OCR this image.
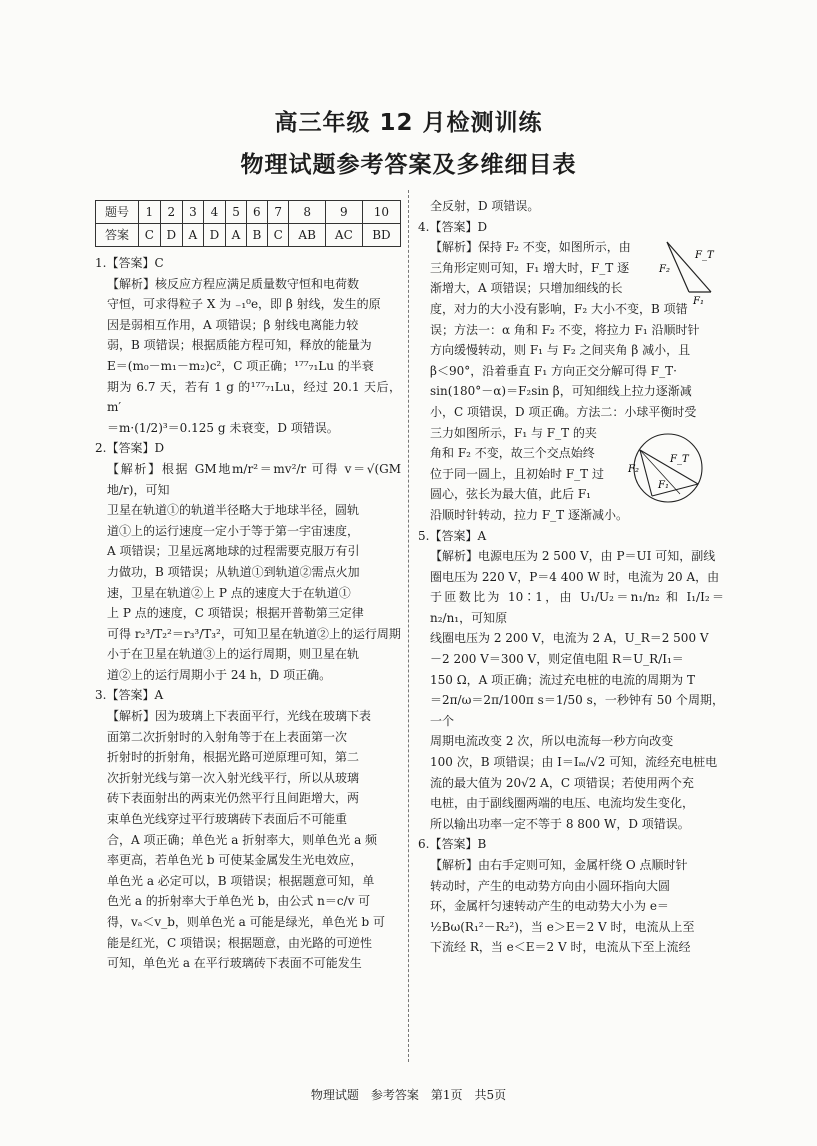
高三年级 12 月检测训练
物理试题参考答案及多维细目表
题号	1	2	3	4	5	6	7	8	9	10
答案	C	D	A	D	A	B	C	AB	AC	BD
1.【答案】C
【解析】核反应方程应满足质量数守恒和电荷数
守恒，可求得粒子 X 为 ₋₁⁰e，即 β 射线，发生的原
因是弱相互作用，A 项错误；β 射线电离能力较
弱，B 项错误；根据质能方程可知，释放的能量为
E＝(m₀－m₁－m₂)c²，C 项正确；¹⁷⁷₇₁Lu 的半衰
期为 6.7 天，若有 1 g 的¹⁷⁷₇₁Lu，经过 20.1 天后，m′
＝m·(1/2)³＝0.125 g 未衰变，D 项错误。
2.【答案】D
【解析】根据 GM地m/r²＝mv²/r 可得 v＝√(GM地/r)，可知
卫星在轨道①的轨道半径略大于地球半径，圆轨
道①上的运行速度一定小于等于第一宇宙速度，
A 项错误；卫星远离地球的过程需要克服万有引
力做功，B 项错误；从轨道①到轨道②需点火加
速，卫星在轨道②上 P 点的速度大于在轨道①
上 P 点的速度，C 项错误；根据开普勒第三定律
可得 r₂³/T₂²＝r₃³/T₃²，可知卫星在轨道②上的运行周期
小于在卫星在轨道③上的运行周期，则卫星在轨
道②上的运行周期小于 24 h，D 项正确。
3.【答案】A
【解析】因为玻璃上下表面平行，光线在玻璃下表
面第二次折射时的入射角等于在上表面第一次
折射时的折射角，根据光路可逆原理可知，第二
次折射光线与第一次入射光线平行，所以从玻璃
砖下表面射出的两束光仍然平行且间距增大，两
束单色光线穿过平行玻璃砖下表面后不可能重
合，A 项正确；单色光 a 折射率大，则单色光 a 频
率更高，若单色光 b 可使某金属发生光电效应，
单色光 a 必定可以，B 项错误；根据题意可知，单
色光 a 的折射率大于单色光 b，由公式 n＝c/v 可
得，vₐ＜v_b，则单色光 a 可能是绿光，单色光 b 可
能是红光，C 项错误；根据题意，由光路的可逆性
可知，单色光 a 在平行玻璃砖下表面不可能发生
全反射，D 项错误。
4.【答案】D
【解析】保持 F₂ 不变，如图所示，由
三角形定则可知，F₁ 增大时，F_T 逐
渐增大，A 项错误；只增加细线的长
度，对力的大小没有影响，F₂ 大小不变，B 项错
误；方法一：α 角和 F₂ 不变，将拉力 F₁ 沿顺时针
方向缓慢转动，则 F₁ 与 F₂ 之间夹角 β 减小，且
β＜90°，沿着垂直 F₁ 方向正交分解可得 F_T·
sin(180°－α)＝F₂sin β，可知细线上拉力逐渐减
小，C 项错误，D 项正确。方法二：小球平衡时受
三力如图所示，F₁ 与 F_T 的夹
角和 F₂ 不变，故三个交点始终
位于同一圆上，且初始时 F_T 过
圆心，弦长为最大值，此后 F₁
沿顺时针转动，拉力 F_T 逐渐减小。
5.【答案】A
【解析】电源电压为 2 500 V，由 P＝UI 可知，副线
圈电压为 220 V，P＝4 400 W 时，电流为 20 A，由
于匝数比为 10∶1，由 U₁/U₂＝n₁/n₂ 和 I₁/I₂＝n₂/n₁，可知原
线圈电压为 2 200 V，电流为 2 A，U_R＝2 500 V
－2 200 V＝300 V，则定值电阻 R＝U_R/I₁＝
150 Ω，A 项正确；流过充电桩的电流的周期为 T
＝2π/ω＝2π/100π s＝1/50 s，一秒钟有 50 个周期，一个
周期电流改变 2 次，所以电流每一秒方向改变
100 次，B 项错误；由 I＝Iₘ/√2 可知，流经充电桩电
流的最大值为 20√2 A，C 项错误；若使用两个充
电桩，由于副线圈两端的电压、电流均发生变化，
所以输出功率一定不等于 8 800 W，D 项错误。
6.【答案】B
【解析】由右手定则可知，金属杆绕 O 点顺时针
转动时，产生的电动势方向由小圆环指向大圆
环，金属杆匀速转动产生的电动势大小为 e＝
½Bω(R₁²－R₂²)，当 e＞E＝2 V 时，电流从上至
下流经 R，当 e＜E＝2 V 时，电流从下至上流经
F₂
F_T
F₁
F₂
F_T
F₁
物理试题　参考答案　第1页　共5页
